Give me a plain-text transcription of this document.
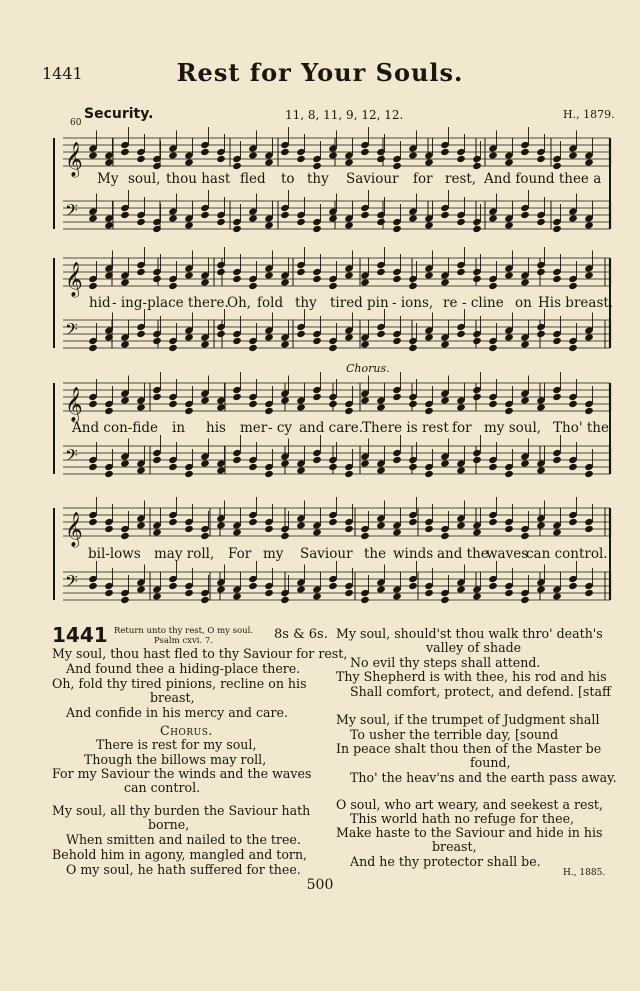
1441	Rest for Your Souls.
60
Security.	11, 8, 11, 9, 12, 12.	H., 1879.
𝄞
𝄢
𝄞
𝄢
𝄞
𝄢
𝄞
𝄢
My soul, thou hast fled to thy Saviour for rest, And found thee a
hid - ing-place there.
Oh, fold thy tired pin - ions, re - cline on His breast,
Chorus.
And con-fide in his mer - cy and care.
There is rest for my soul, Tho' the
bil-lows may roll, For my Saviour the winds and the
waves
can control.
1441 Return unto thy rest, O my soul.
Psalm cxvi. 7.	8s & 6s.
My soul, thou hast fled to thy Saviour for rest,
And found thee a hiding-place there.
Oh, fold thy tired pinions, recline on his
breast,
And confide in his mercy and care.
Chorus.
There is rest for my soul,
Though the billows may roll,
For my Saviour the winds and the waves
can control.
My soul, all thy burden the Saviour hath
borne,
When smitten and nailed to the tree.
Behold him in agony, mangled and torn,
O my soul, he hath suffered for thee.
My soul, should'st thou walk thro' death's
valley of shade
No evil thy steps shall attend.
Thy Shepherd is with thee, his rod and his
Shall comfort, protect, and defend. [staff
My soul, if the trumpet of Judgment shall
To usher the terrible day, [sound
In peace shalt thou then of the Master be
found,
Tho' the heav'ns and the earth pass away.
O soul, who art weary, and seekest a rest,
This world hath no refuge for thee,
Make haste to the Saviour and hide in his
breast,
And he thy protector shall be.
H., 1885.
500
